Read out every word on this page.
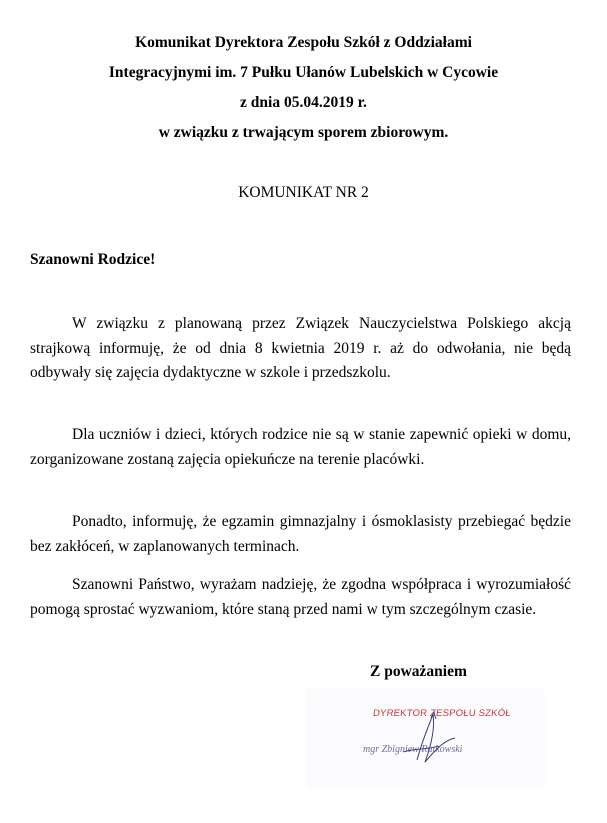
Komunikat Dyrektora Zespołu Szkół z Oddziałami
Integracyjnymi im. 7 Pułku Ułanów Lubelskich w Cycowie
z dnia 05.04.2019 r.
w związku z trwającym sporem zbiorowym.
KOMUNIKAT NR 2
Szanowni Rodzice!

W związku z planowaną przez Związek Nauczycielstwa Polskiego akcją strajkową informuję, że od dnia 8 kwietnia 2019 r. aż do odwołania, nie będą odbywały się zajęcia dydaktyczne w szkole i przedszkolu.

Dla uczniów i dzieci, których rodzice nie są w stanie zapewnić opieki w domu, zorganizowane zostaną zajęcia opiekuńcze na terenie placówki.

Ponadto, informuję, że egzamin gimnazjalny i ósmoklasisty przebiegać będzie bez zakłóceń, w zaplanowanych terminach.

Szanowni Państwo, wyrażam nadzieję, że zgodna współpraca i wyrozumiałość pomogą sprostać wyzwaniom, które staną przed nami w tym szczególnym czasie.

Z poważaniem
DYREKTOR ZESPOŁU SZKÓŁ
mgr Zbigniew Rutkowski
